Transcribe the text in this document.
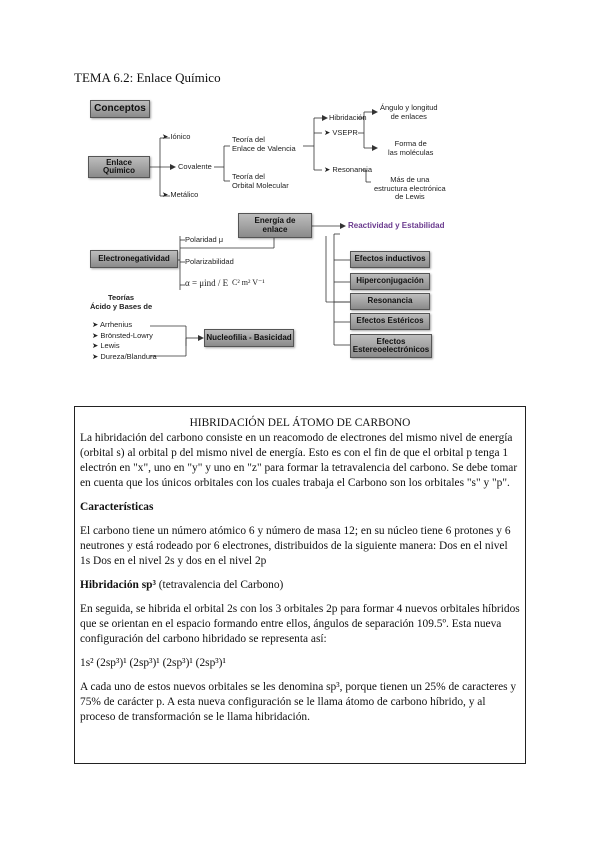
TEMA 6.2: Enlace Químico
Conceptos
Enlace Químico
➤ Iónico
Covalente
➤ Metálico
Teoría del
Enlace de Valencia
Teoría del
Orbital Molecular
Hibridación
➤ VSEPR
➤ Resonancia
Ángulo y longitud
de enlaces
Forma de
las moléculas
Más de una
estructura electrónica
de Lewis
Energía de
enlace	Reactividad y Estabilidad
Electronegatividad
Polaridad μ
Polarizabilidad
α = μind / E C² m² V⁻¹
Teorías
Ácido y Bases de
➤ Arrhenius
➤ Brönsted-Lowry
➤ Lewis
➤ Dureza/Blandura
Nucleofilia - Basicidad
Efectos inductivos
Hiperconjugación
Resonancia
Efectos Estéricos
Efectos
Estereoelectrónicos

HIBRIDACIÓN DEL ÁTOMO DE CARBONO

La hibridación del carbono consiste en un reacomodo de electrones del mismo nivel de energía (orbital s) al orbital p del mismo nivel de energía. Esto es con el fin de que el orbital p tenga 1 electrón en "x", uno en "y" y uno en "z" para formar la tetravalencia del carbono. Se debe tomar en cuenta que los únicos orbitales con los cuales trabaja el Carbono son los orbitales "s" y "p".

Características

El carbono tiene un número atómico 6 y número de masa 12; en su núcleo tiene 6 protones y 6 neutrones y está rodeado por 6 electrones, distribuidos de la siguiente manera: Dos en el nivel 1s Dos en el nivel 2s y dos en el nivel 2p

Hibridación sp³ (tetravalencia del Carbono)

En seguida, se hibrida el orbital 2s con los 3 orbitales 2p para formar 4 nuevos orbitales híbridos que se orientan en el espacio formando entre ellos, ángulos de separación 109.5º. Esta nueva configuración del carbono hibridado se representa así:

1s² (2sp³)¹ (2sp³)¹ (2sp³)¹ (2sp³)¹

A cada uno de estos nuevos orbitales se les denomina sp³, porque tienen un 25% de caracteres y 75% de carácter p. A esta nueva configuración se le llama átomo de carbono híbrido, y al proceso de transformación se le llama hibridación.
